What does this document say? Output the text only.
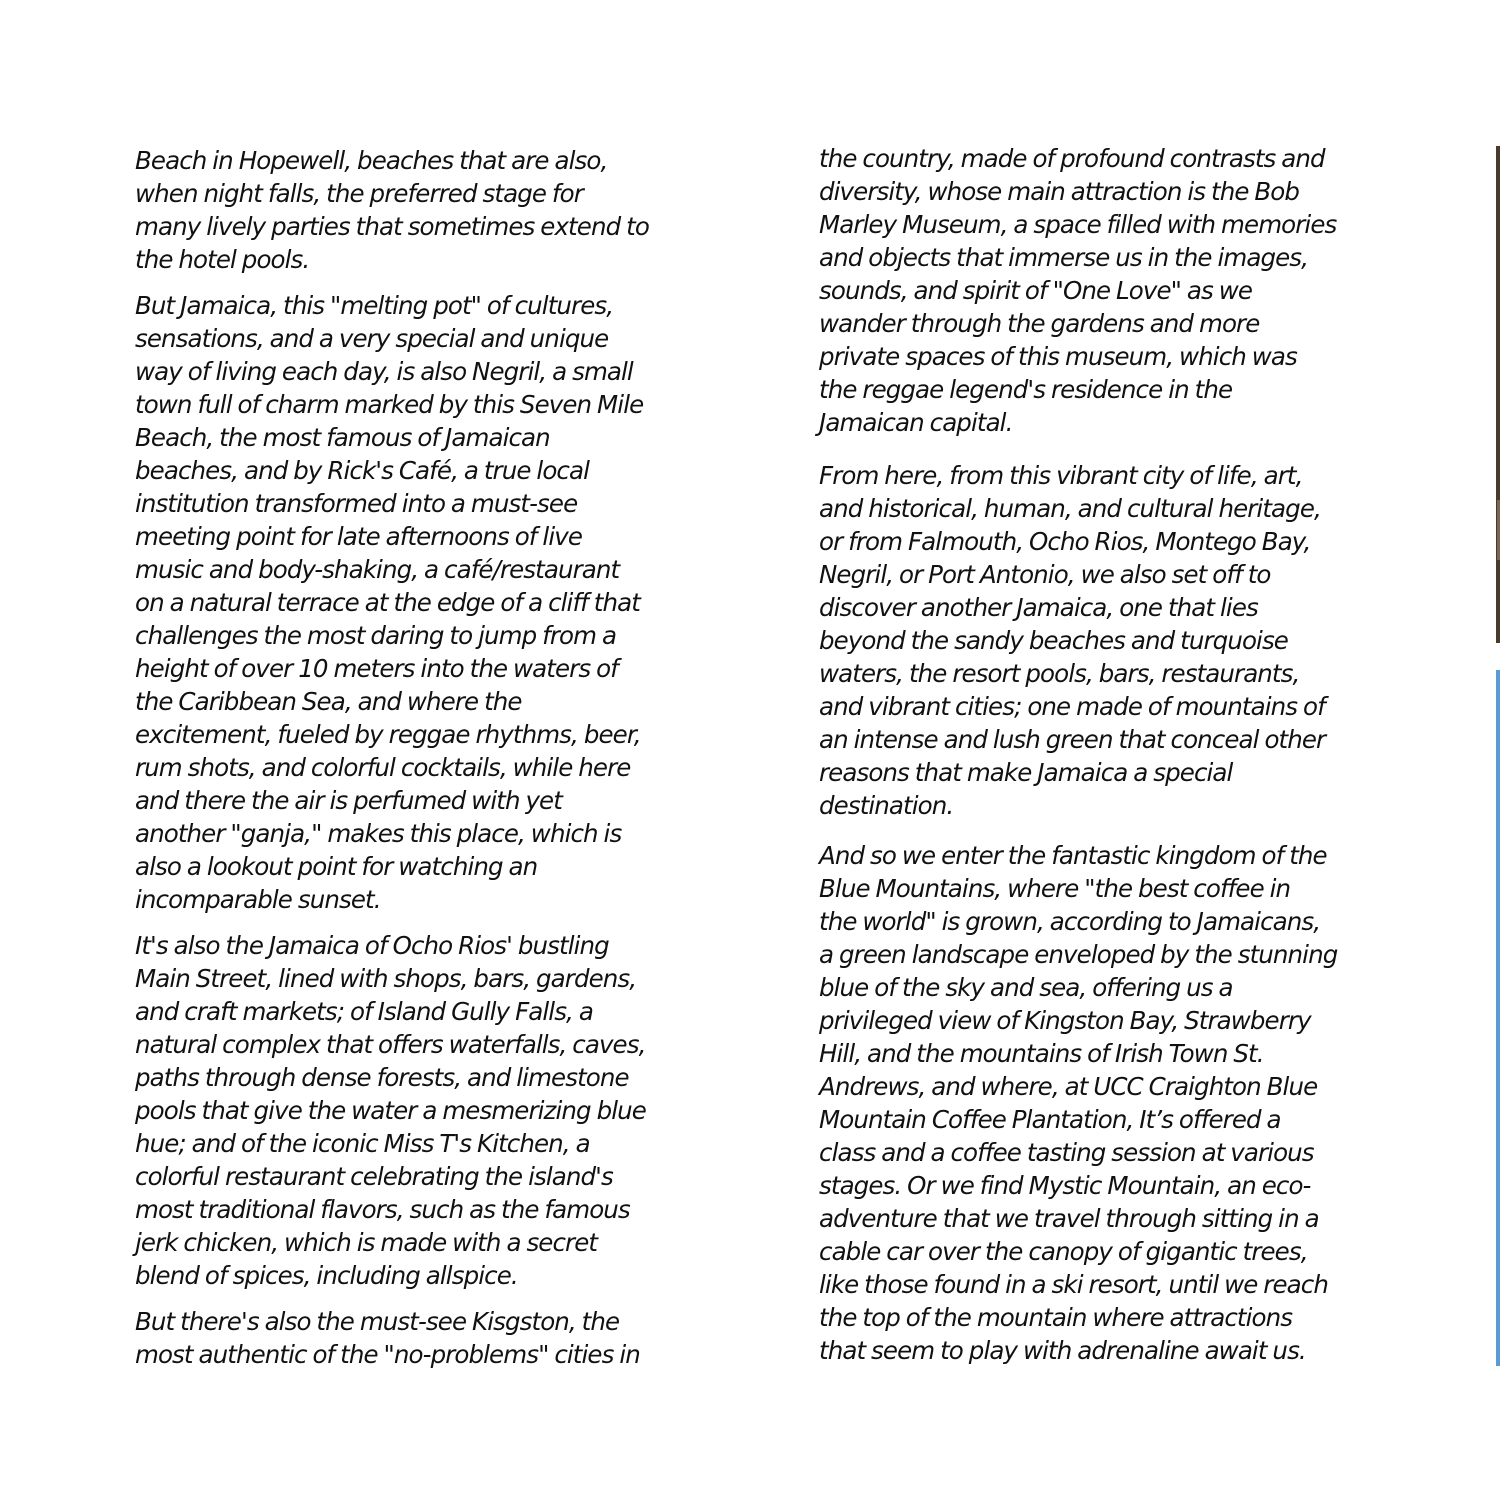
Beach in Hopewell, beaches that are also,
when night falls, the preferred stage for
many lively parties that sometimes extend to
the hotel pools.

But Jamaica, this "melting pot" of cultures,
sensations, and a very special and unique
way of living each day, is also Negril, a small
town full of charm marked by this Seven Mile
Beach, the most famous of Jamaican
beaches, and by Rick's Café, a true local
institution transformed into a must-see
meeting point for late afternoons of live
music and body-shaking, a café/restaurant
on a natural terrace at the edge of a cliff that
challenges the most daring to jump from a
height of over 10 meters into the waters of
the Caribbean Sea, and where the
excitement, fueled by reggae rhythms, beer,
rum shots, and colorful cocktails, while here
and there the air is perfumed with yet
another "ganja," makes this place, which is
also a lookout point for watching an
incomparable sunset.

It's also the Jamaica of Ocho Rios' bustling
Main Street, lined with shops, bars, gardens,
and craft markets; of Island Gully Falls, a
natural complex that offers waterfalls, caves,
paths through dense forests, and limestone
pools that give the water a mesmerizing blue
hue; and of the iconic Miss T's Kitchen, a
colorful restaurant celebrating the island's
most traditional flavors, such as the famous
jerk chicken, which is made with a secret
blend of spices, including allspice.

But there's also the must-see Kisgston, the
most authentic of the "no-problems" cities in

the country, made of profound contrasts and
diversity, whose main attraction is the Bob
Marley Museum, a space filled with memories
and objects that immerse us in the images,
sounds, and spirit of "One Love" as we
wander through the gardens and more
private spaces of this museum, which was
the reggae legend's residence in the
Jamaican capital.

From here, from this vibrant city of life, art,
and historical, human, and cultural heritage,
or from Falmouth, Ocho Rios, Montego Bay,
Negril, or Port Antonio, we also set off to
discover another Jamaica, one that lies
beyond the sandy beaches and turquoise
waters, the resort pools, bars, restaurants,
and vibrant cities; one made of mountains of
an intense and lush green that conceal other
reasons that make Jamaica a special
destination.

And so we enter the fantastic kingdom of the
Blue Mountains, where "the best coffee in
the world" is grown, according to Jamaicans,
a green landscape enveloped by the stunning
blue of the sky and sea, offering us a
privileged view of Kingston Bay, Strawberry
Hill, and the mountains of Irish Town St.
Andrews, and where, at UCC Craighton Blue
Mountain Coffee Plantation, It’s offered a
class and a coffee tasting session at various
stages. Or we find Mystic Mountain, an eco-
adventure that we travel through sitting in a
cable car over the canopy of gigantic trees,
like those found in a ski resort, until we reach
the top of the mountain where attractions
that seem to play with adrenaline await us.
